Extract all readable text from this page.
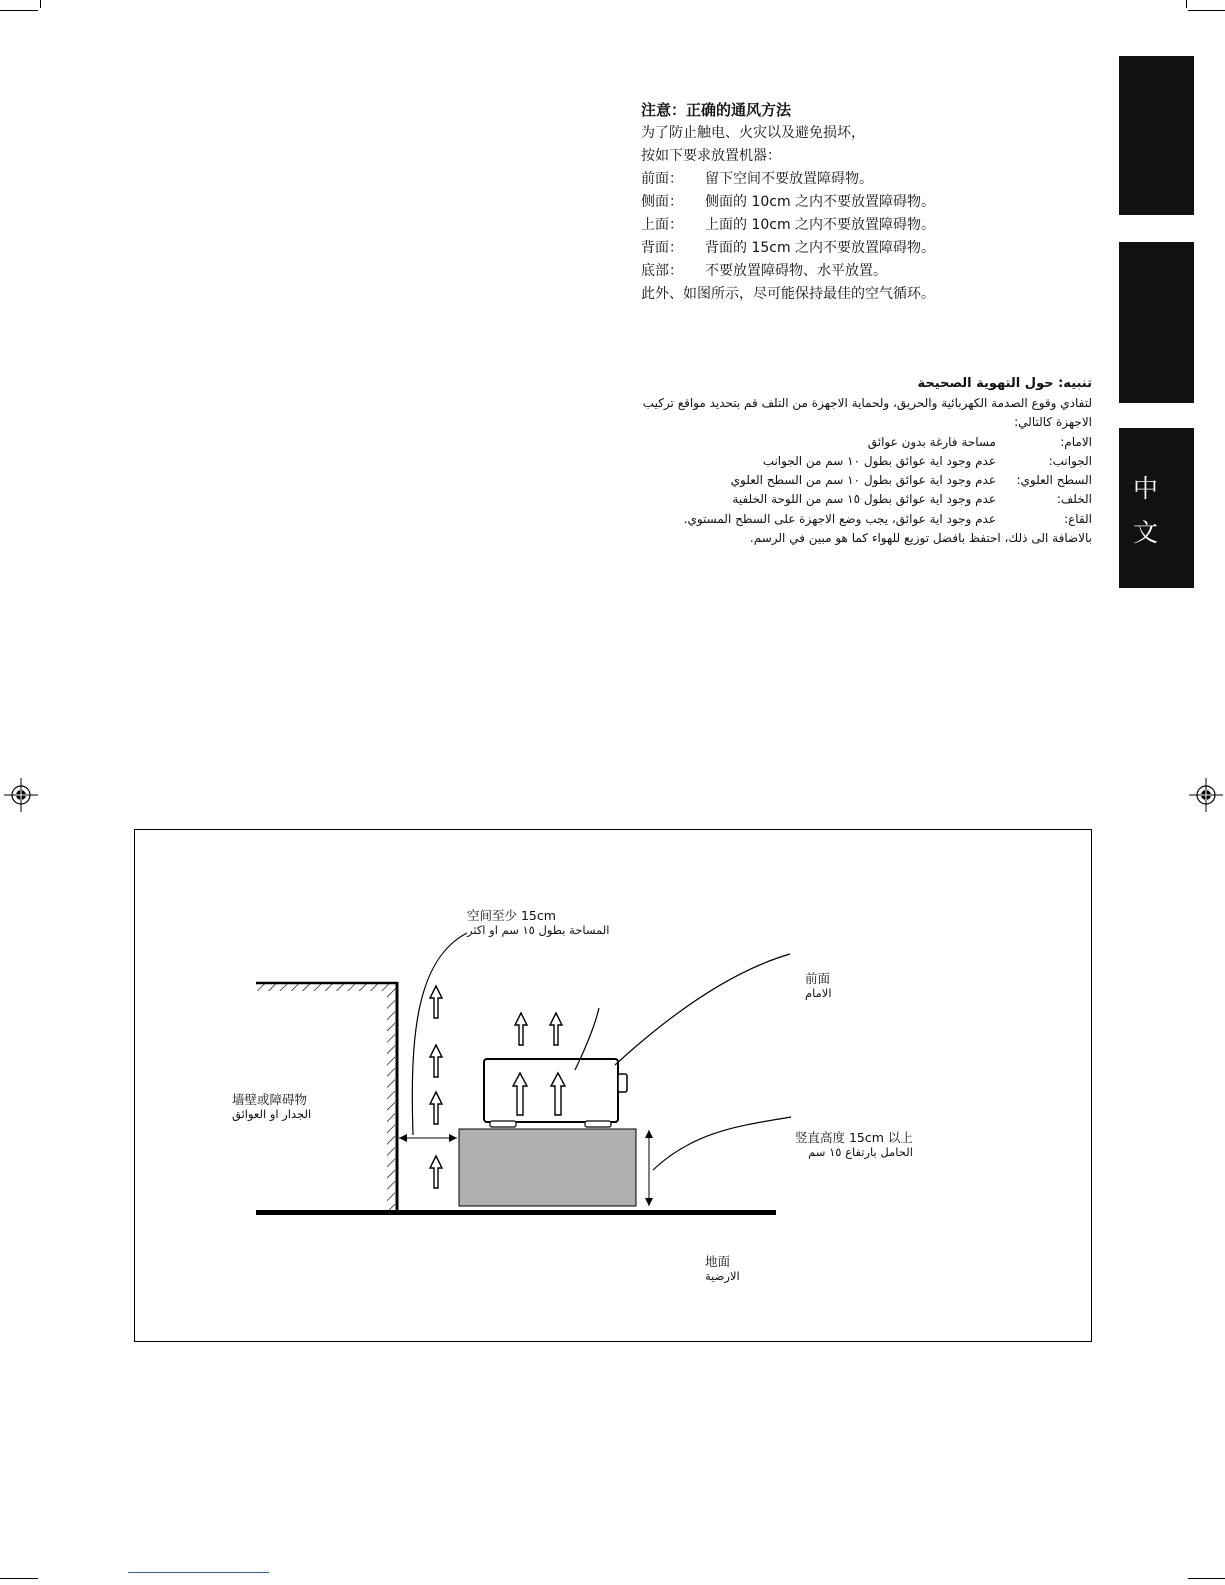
中
文
注意：正确的通风方法
为了防止触电、火灾以及避免损坏，
按如下要求放置机器：
前面： 留下空间不要放置障碍物。
侧面： 侧面的 10cm 之内不要放置障碍物。
上面： 上面的 10cm 之内不要放置障碍物。
背面： 背面的 15cm 之内不要放置障碍物。
底部： 不要放置障碍物、水平放置。
此外、如图所示，尽可能保持最佳的空气循环。
تنبيه: حول التهوية الصحيحة
لتفادي وقوع الصدمة الكهربائية والحريق، ولحماية الاجهزة من التلف قم بتحديد مواقع تركيب
الاجهزة كالتالي:
الامام:
مساحة فارغة بدون عوائق
الجوانب:
عدم وجود اية عوائق بطول ١٠ سم من الجوانب
السطح العلوي:
عدم وجود اية عوائق بطول ١٠ سم من السطح العلوي
الخلف:
عدم وجود اية عوائق بطول ١٥ سم من اللوحة الخلفية
القاع:
عدم وجود اية عوائق، يجب وضع الاجهزة على السطح المستوي.
بالاضافة الى ذلك، احتفظ بافضل توزيع للهواء كما هو مبين في الرسم.
空间至少 15cm
المساحة بطول ١٥ سم او اكثر
前面
الامام
墙壁或障碍物
الجدار او العوائق
竖直高度 15cm 以上
الحامل بارتفاع ١٥ سم
地面
الارضية
